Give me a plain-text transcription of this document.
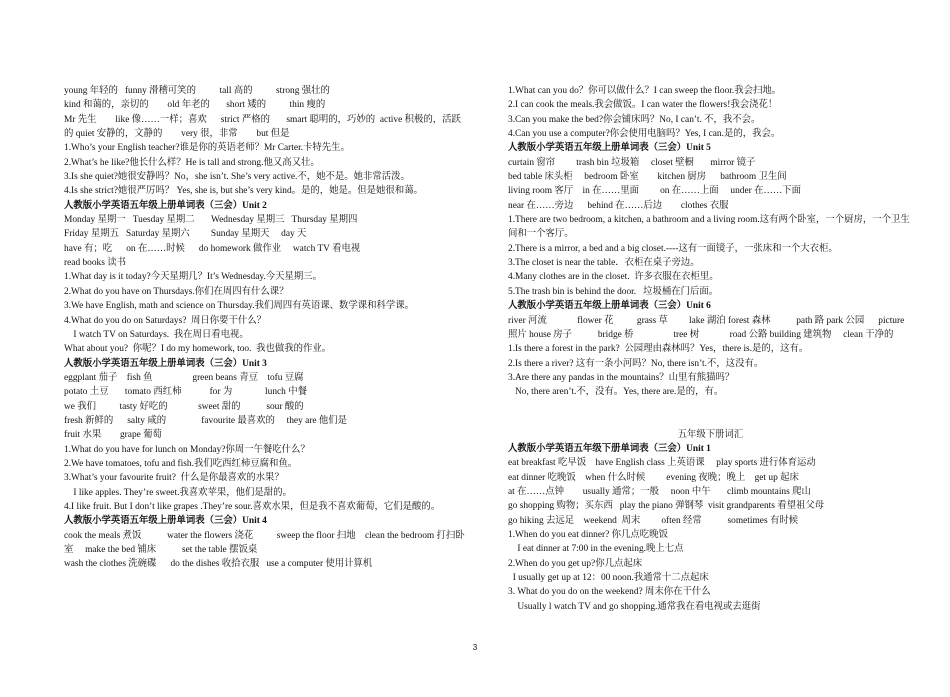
young 年轻的   funny 滑稽可笑的          tall 高的          strong 强壮的
kind 和蔼的，亲切的        old 年老的       short 矮的          thin 瘦的
Mr 先生        like 像……一样；喜欢      strict 严格的       smart 聪明的，巧妙的  active 积极的，活跃的 quiet 安静的，文静的        very 很，非常        but 但是
1.Who’s your English teacher?谁是你的英语老师？Mr Carter.卡特先生。
2.What’s he like?他长什么样？He is tall and strong.他又高又壮。
3.Is she quiet?她很安静吗？No，she isn’t. She’s very active.不，她不是。她非常活泼。
4.Is she strict?她很严厉吗？ Yes, she is, but she’s very kind。是的，她是。但是她很和蔼。
人教版小学英语五年级上册单词表（三会）Unit 2
Monday 星期一   Tuesday 星期二       Wednesday 星期三   Thursday 星期四
Friday 星期五   Saturday 星期六         Sunday 星期天     day 天
have 有；吃      on 在……时候      do homework 做作业     watch TV 看电视
read books 读书
1.What day is it today?今天星期几？It’s Wednesday.今天星期三。
2.What do you have on Thursdays.你们在周四有什么课？
3.We have English, math and science on Thursday.我们周四有英语课、数学课和科学课。
4.What do you do on Saturdays?  周日你要干什么？
I watch TV on Saturdays.  我在周日看电视。
What about you?  你呢？I do my homework, too.  我也做我的作业。
人教版小学英语五年级上册单词表（三会）Unit 3
eggplant 茄子    fish 鱼                 green beans 青豆    tofu 豆腐
potato 土豆       tomato 西红柿            for 为              lunch 中餐
we 我们          tasty 好吃的             sweet 甜的           sour 酸的
fresh 新鲜的      salty 咸的               favourite 最喜欢的     they are 他们是
fruit 水果        grape 葡萄
1.What do you have for lunch on Monday?你周一午餐吃什么？
2.We have tomatoes, tofu and fish.我们吃西红柿豆腐和鱼。
3.What’s your favourite fruit?  什么是你最喜欢的水果？
I like apples. They’re sweet.我喜欢苹果，他们是甜的。
4.I like fruit. But I don’t like grapes .They’re sour.喜欢水果，但是我不喜欢葡萄，它们是酸的。
人教版小学英语五年级上册单词表（三会）Unit 4
cook the meals 煮饭           water the flowers 浇花          sweep the floor 扫地    clean the bedroom 打扫卧室     make the bed 铺床           set the table 摆饭桌
wash the clothes 洗碗碟      do the dishes 收拾衣服   use a computer 使用计算机
1.What can you do？你可以做什么？I can sweep the floor.我会扫地。
2.I can cook the meals.我会做饭。I can water the flowers!我会浇花！
3.Can you make the bed?你会铺床吗？No, I can’t. 不，我不会。
4.Can you use a computer?你会使用电脑吗？Yes, I can.是的，我会。
人教版小学英语五年级上册单词表（三会）Unit 5
curtain 窗帘         trash bin 垃圾箱     closet 壁橱       mirror 镜子
bed table 床头柜     bedroom 卧室        kitchen 厨房      bathroom 卫生间
living room 客厅    in 在……里面         on 在……上面     under 在……下面
near 在……旁边      behind 在……后边        clothes 衣服
1.There are two bedroom, a kitchen, a bathroom and a living room.这有两个卧室，一个厨房，一个卫生间和一个客厅。
2.There is a mirror, a bed and a big closet.----这有一面镜子，一张床和一个大衣柜。
3.The closet is near the table．衣柜在桌子旁边。
4.Many clothes are in the closet.  许多衣服在衣柜里。
5.The trash bin is behind the door.   垃圾桶在门后面。
人教版小学英语五年级上册单词表（三会）Unit 6
river 河流             flower 花          grass 草         lake 湖泊 forest 森林           path 路 park 公园      picture 照片 house 房子           bridge 桥                 tree 树             road 公路 building 建筑物     clean 干净的
1.Is there a forest in the park?  公园理由森林吗？Yes，there is.是的，这有。
2.Is there a river? 这有一条小河吗？No, there isn’t.不，这没有。
3.Are there any pandas in the mountains？山里有熊猫吗？
No, there aren’t.不，没有。Yes, there are.是的，有。
五年级下册词汇
人教版小学英语五年级下册单词表（三会）Unit 1
eat breakfast 吃早饭    have English class 上英语课     play sports 进行体育运动
eat dinner 吃晚饭    when 什么时候         evening 夜晚；晚上    get up 起床
at 在……点钟        usually 通常；一般     noon 中午       climb mountains 爬山
go shopping 购物；买东西   play the piano 弹钢琴  visit grandparents 看望祖父母
go hiking 去远足    weekend  周末         often 经常           sometimes 有时候
1.When do you eat dinner? 你几点吃晚饭
I eat dinner at 7:00 in the evening.晚上七点
2.When do you get up?你几点起床
I usually get up at 12：00 noon.我通常十二点起床
3. What do you do on the weekend? 周末你在干什么
Usually l watch TV and go shopping.通常我在看电视或去逛街
3
